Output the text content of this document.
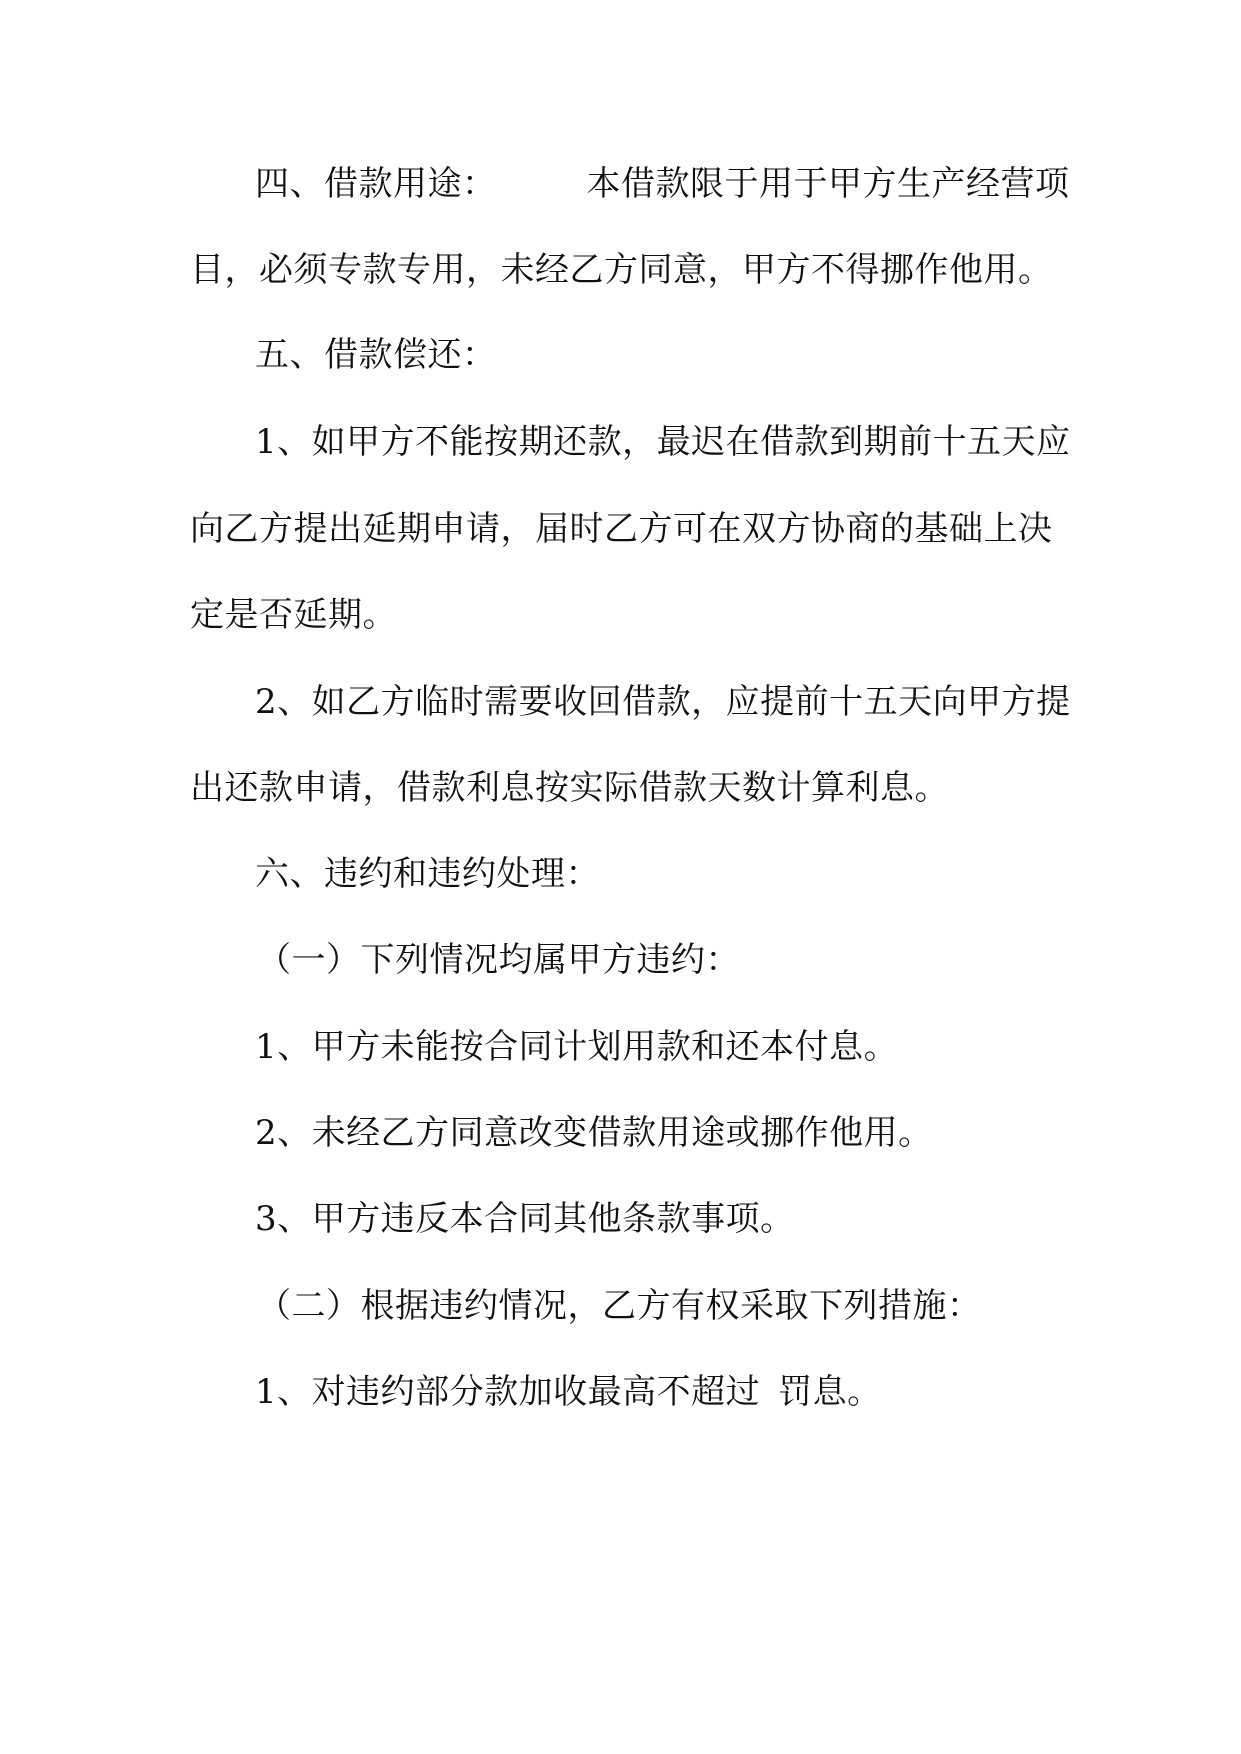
四、借款用途：	本借款限于用于甲方生产经营项
目，必须专款专用，未经乙方同意，甲方不得挪作他用。
五、借款偿还：
1、如甲方不能按期还款，最迟在借款到期前十五天应
向乙方提出延期申请，届时乙方可在双方协商的基础上决
定是否延期。
2、如乙方临时需要收回借款，应提前十五天向甲方提
出还款申请，借款利息按实际借款天数计算利息。
六、违约和违约处理：
（一）下列情况均属甲方违约：
1、甲方未能按合同计划用款和还本付息。
2、未经乙方同意改变借款用途或挪作他用。
3、甲方违反本合同其他条款事项。
（二）根据违约情况，乙方有权采取下列措施：
1、对违约部分款加收最高不超过 罚息。
